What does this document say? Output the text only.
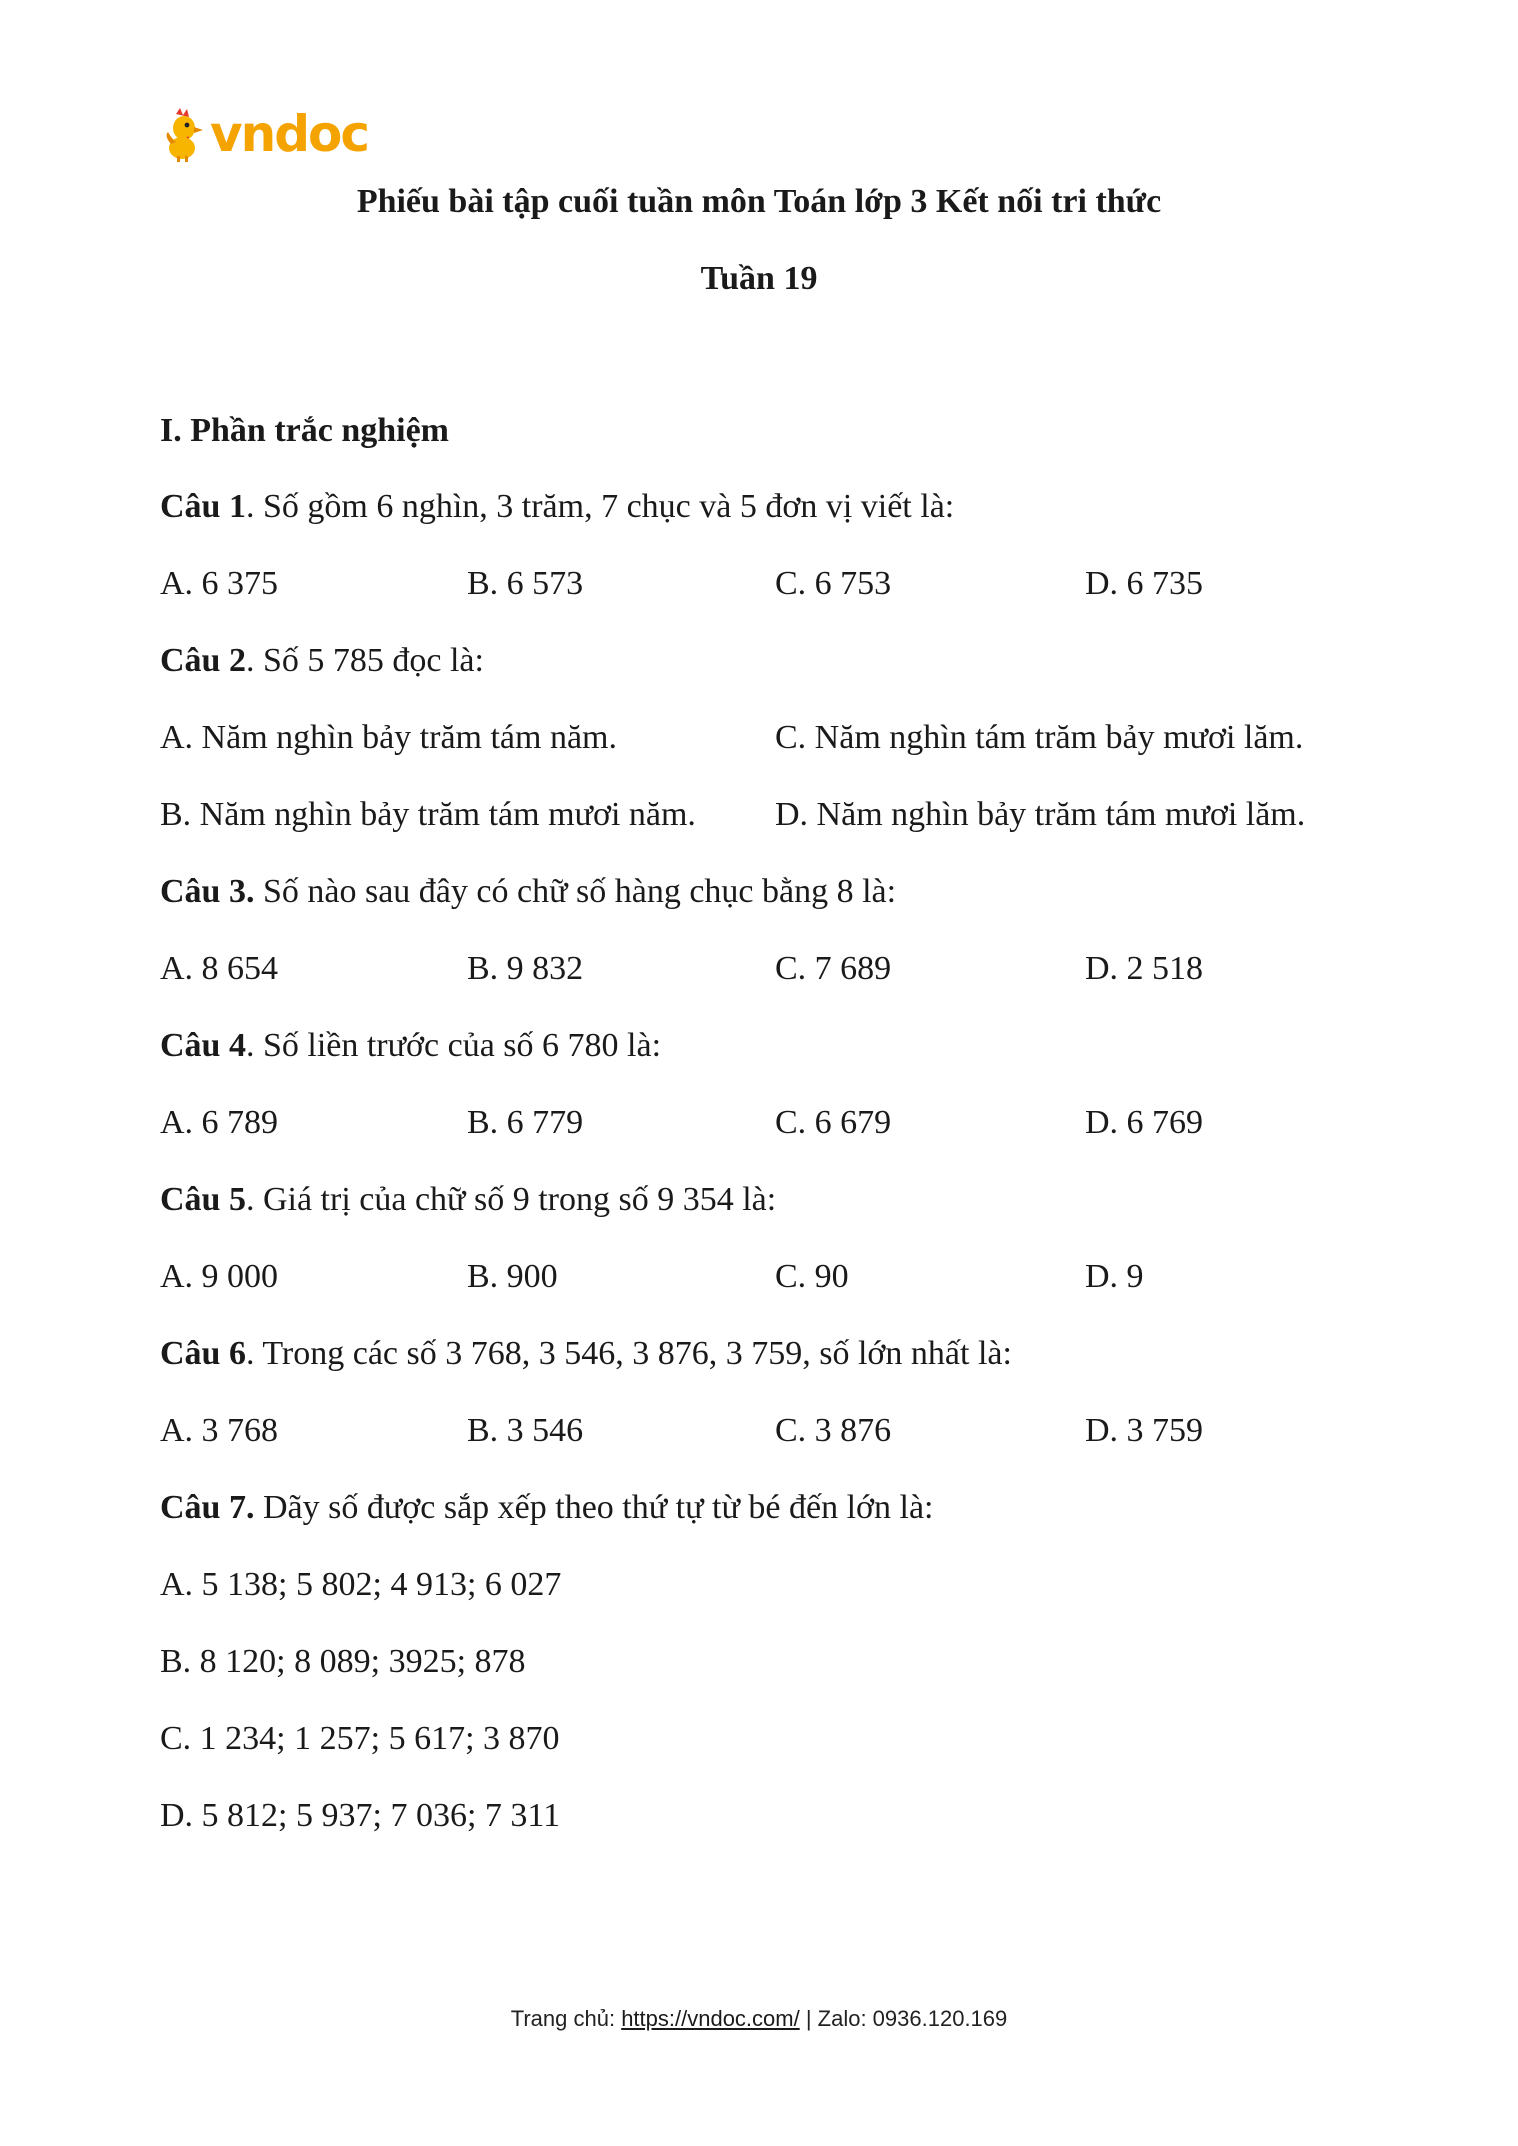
vndoc
Phiếu bài tập cuối tuần môn Toán lớp 3 Kết nối tri thức
Tuần 19
I. Phần trắc nghiệm
Câu 1. Số gồm 6 nghìn, 3 trăm, 7 chục và 5 đơn vị viết là:
A. 6 375	B. 6 573	C. 6 753	D. 6 735
Câu 2. Số 5 785 đọc là:
A. Năm nghìn bảy trăm tám năm.	C. Năm nghìn tám trăm bảy mươi lăm.
B. Năm nghìn bảy trăm tám mươi năm. D. Năm nghìn bảy trăm tám mươi lăm.
Câu 3. Số nào sau đây có chữ số hàng chục bằng 8 là:
A. 8 654	B. 9 832	C. 7 689	D. 2 518
Câu 4. Số liền trước của số 6 780 là:
A. 6 789	B. 6 779	C. 6 679	D. 6 769
Câu 5. Giá trị của chữ số 9 trong số 9 354 là:
A. 9 000	B. 900	C. 90	D. 9
Câu 6. Trong các số 3 768, 3 546, 3 876, 3 759, số lớn nhất là:
A. 3 768	B. 3 546	C. 3 876	D. 3 759
Câu 7. Dãy số được sắp xếp theo thứ tự từ bé đến lớn là:
A. 5 138; 5 802; 4 913; 6 027
B. 8 120; 8 089; 3925; 878
C. 1 234; 1 257; 5 617; 3 870
D. 5 812; 5 937; 7 036; 7 311
Trang chủ: https://vndoc.com/ | Zalo: 0936.120.169
